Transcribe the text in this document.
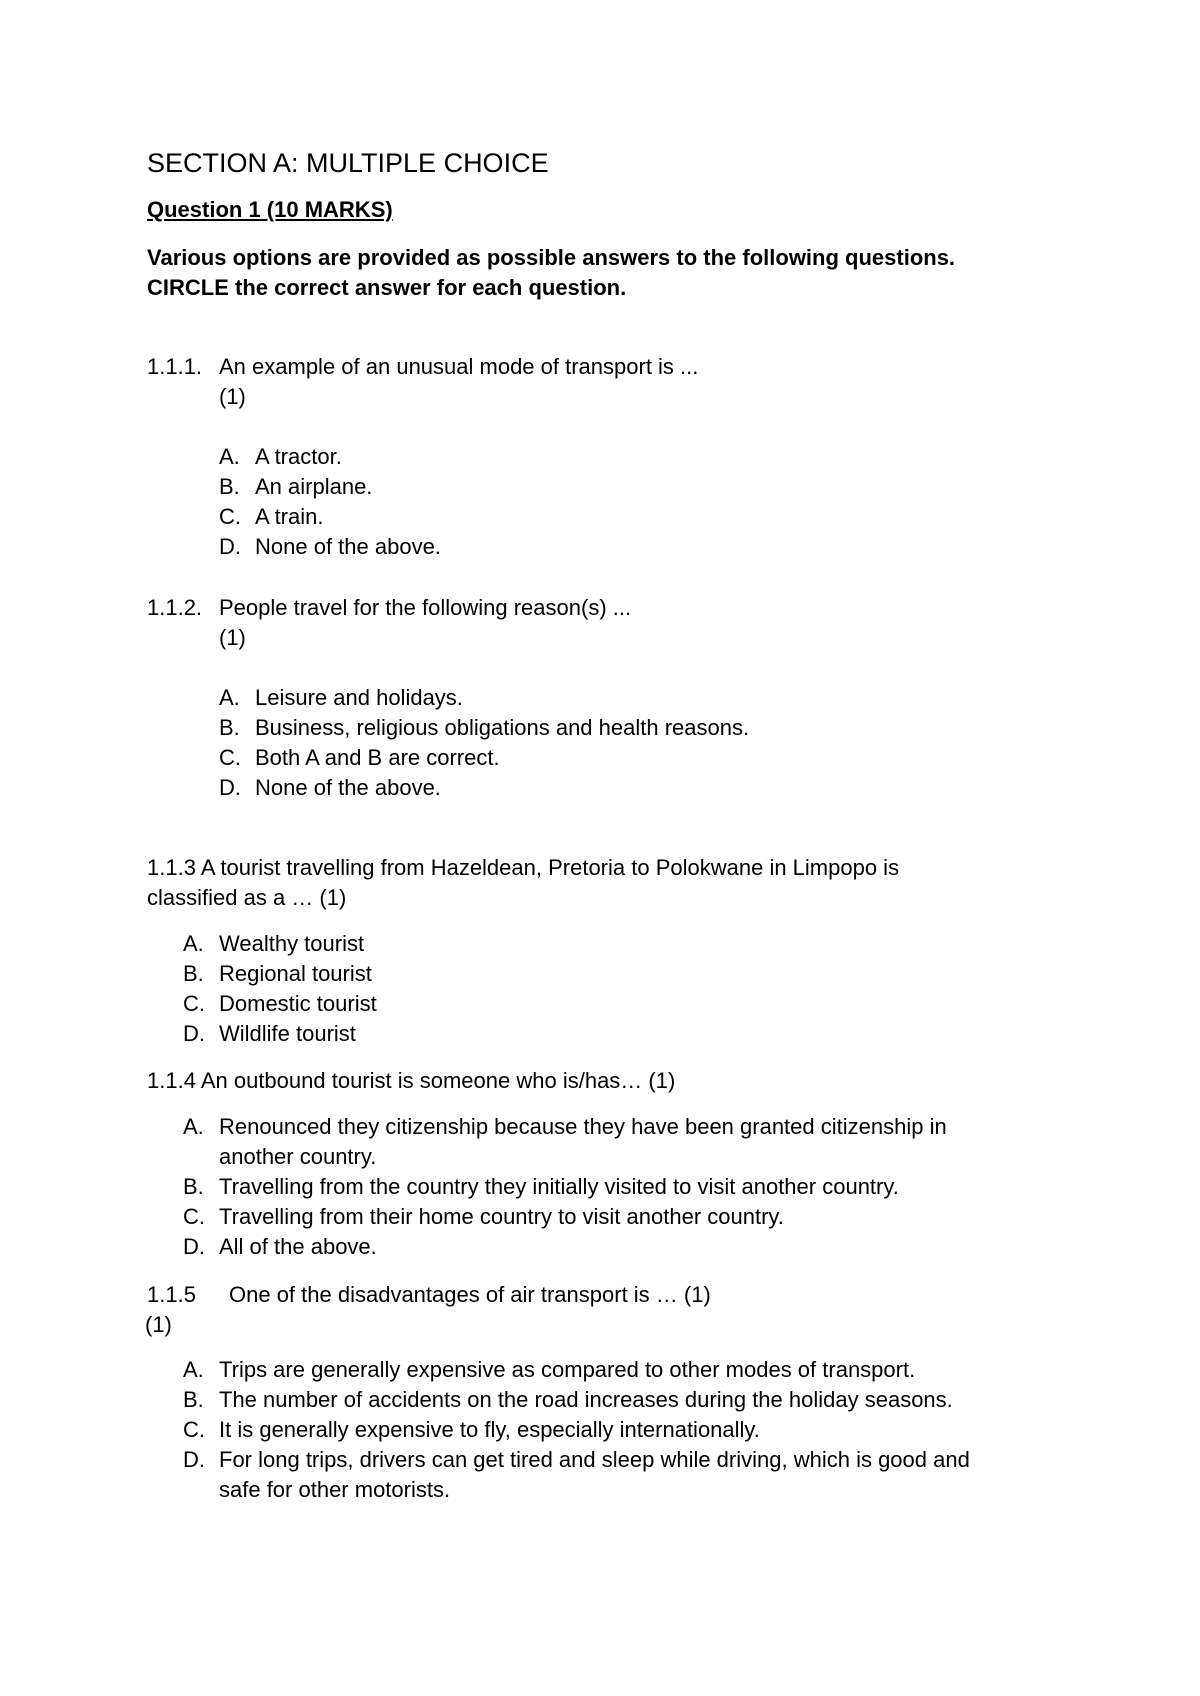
SECTION A: MULTIPLE CHOICE
Question 1 (10 MARKS)
Various options are provided as possible answers to the following questions.
CIRCLE the correct answer for each question.
1.1.1. An example of an unusual mode of transport is ...
(1)
A. A tractor.
B. An airplane.
C. A train.
D. None of the above.
1.1.2. People travel for the following reason(s) ...
(1)
A. Leisure and holidays.
B. Business, religious obligations and health reasons.
C. Both A and B are correct.
D. None of the above.
1.1.3 A tourist travelling from Hazeldean, Pretoria to Polokwane in Limpopo is
classified as a … (1)
A. Wealthy tourist
B. Regional tourist
C. Domestic tourist
D. Wildlife tourist
1.1.4 An outbound tourist is someone who is/has… (1)
A. Renounced they citizenship because they have been granted citizenship in
another country.
B. Travelling from the country they initially visited to visit another country.
C. Travelling from their home country to visit another country.
D. All of the above.
1.1.5 One of the disadvantages of air transport is … (1)
(1)
A. Trips are generally expensive as compared to other modes of transport.
B. The number of accidents on the road increases during the holiday seasons.
C. It is generally expensive to fly, especially internationally.
D. For long trips, drivers can get tired and sleep while driving, which is good and
safe for other motorists.
